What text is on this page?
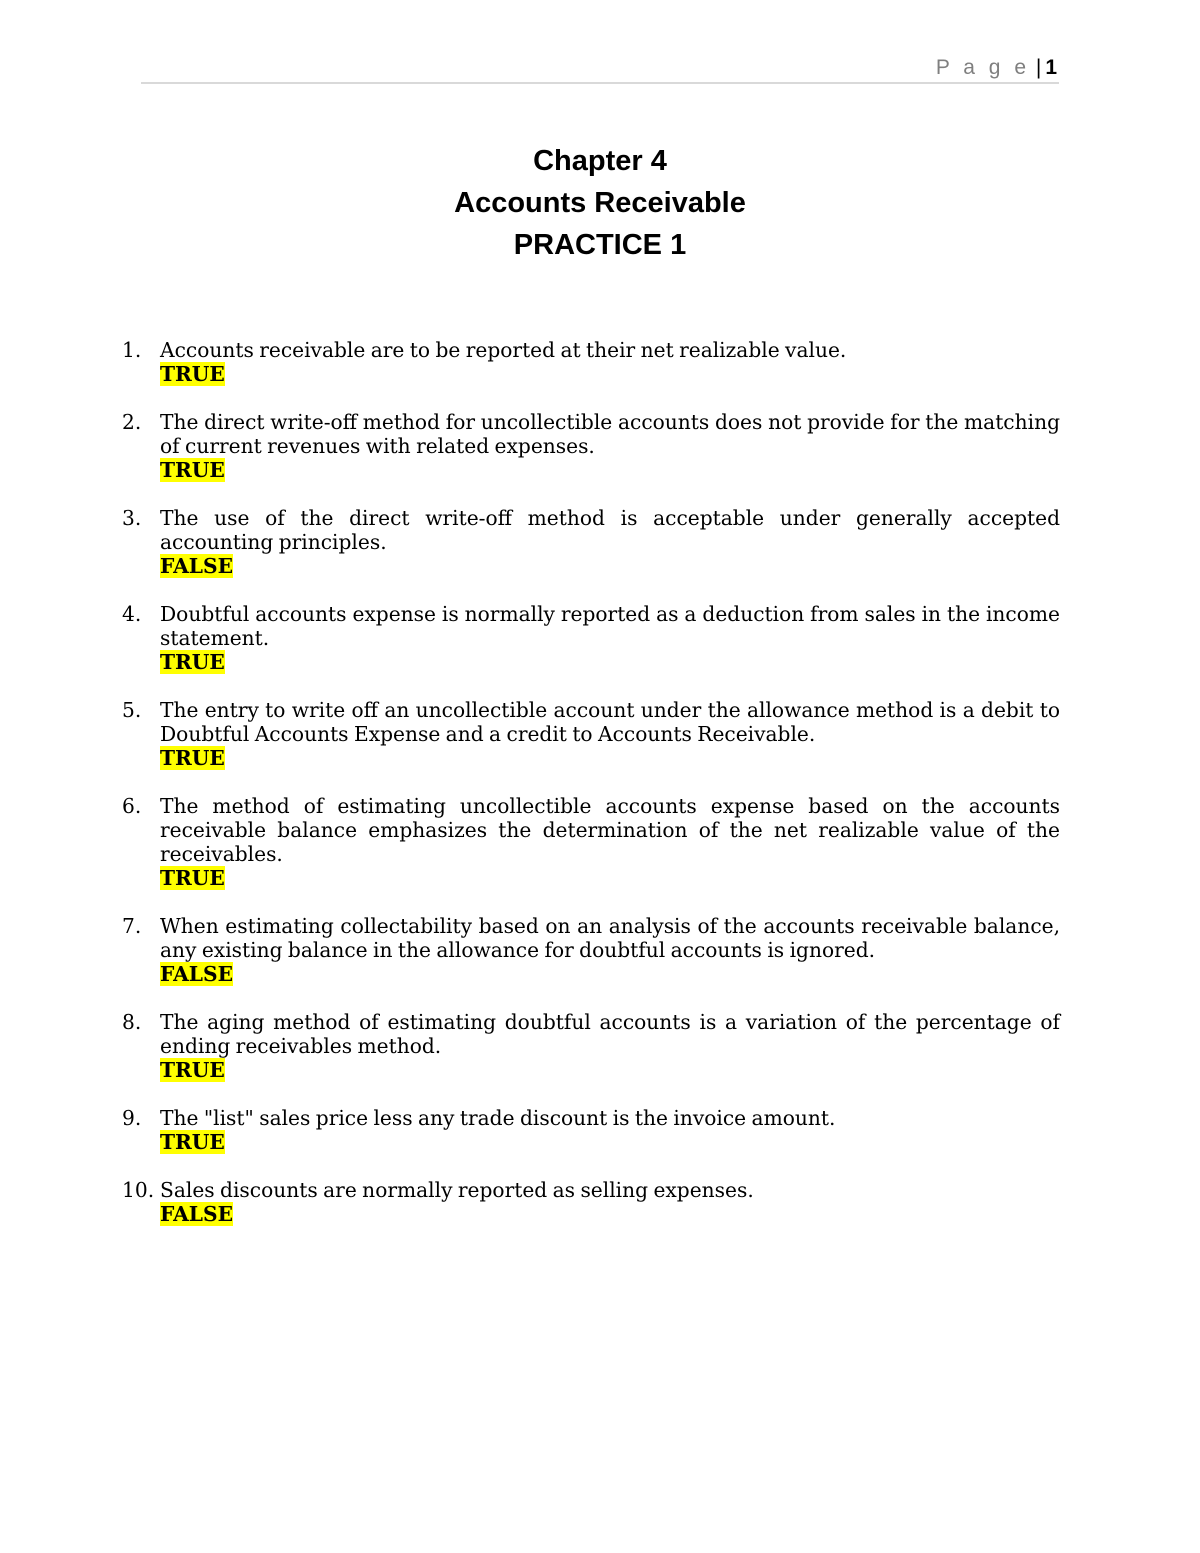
P a g e | 1
Chapter 4
Accounts Receivable
PRACTICE 1
1. Accounts receivable are to be reported at their net realizable value.
TRUE
2. The direct write-off method for uncollectible accounts does not provide for the matching of current revenues with related expenses.
TRUE
3. The use of the direct write-off method is acceptable under generally accepted accounting principles.
FALSE
4. Doubtful accounts expense is normally reported as a deduction from sales in the income statement.
TRUE
5. The entry to write off an uncollectible account under the allowance method is a debit to Doubtful Accounts Expense and a credit to Accounts Receivable.
TRUE
6. The method of estimating uncollectible accounts expense based on the accounts receivable balance emphasizes the determination of the net realizable value of the receivables.
TRUE
7. When estimating collectability based on an analysis of the accounts receivable balance, any existing balance in the allowance for doubtful accounts is ignored.
FALSE
8. The aging method of estimating doubtful accounts is a variation of the percentage of ending receivables method.
TRUE
9. The "list" sales price less any trade discount is the invoice amount.
TRUE
10. Sales discounts are normally reported as selling expenses.
FALSE
